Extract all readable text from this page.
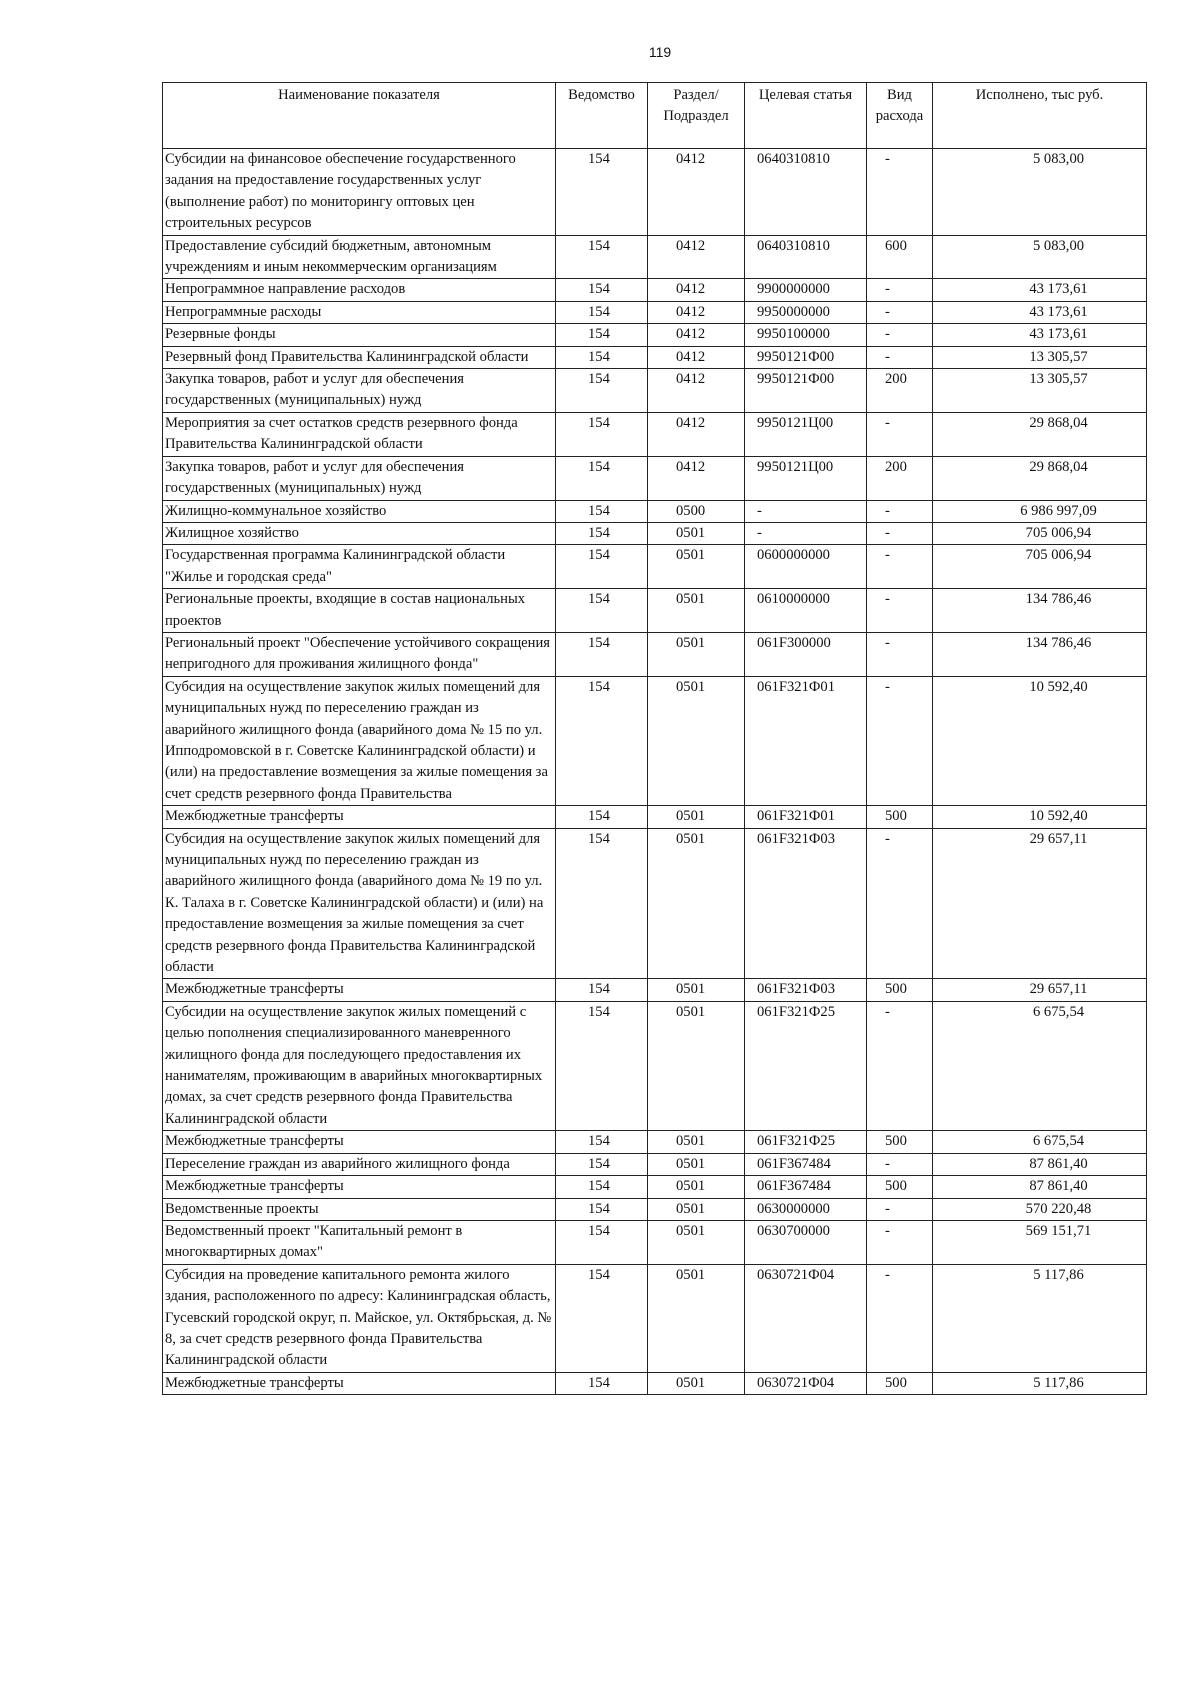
119
Наименование показателя	Ведомство	Раздел/ Подраздел	Целевая статья	Вид расхода	Исполнено, тыс руб.
Субсидии на финансовое обеспечение государственного задания на предоставление государственных услуг (выполнение работ) по мониторингу оптовых цен строительных ресурсов	154	0412	0640310810	-	5 083,00
Предоставление субсидий бюджетным, автономным учреждениям и иным некоммерческим организациям	154	0412	0640310810	600	5 083,00
Непрограммное направление расходов	154	0412	9900000000	-	43 173,61
Непрограммные расходы	154	0412	9950000000	-	43 173,61
Резервные фонды	154	0412	9950100000	-	43 173,61
Резервный фонд Правительства Калининградской области	154	0412	9950121Ф00	-	13 305,57
Закупка товаров, работ и услуг для обеспечения государственных (муниципальных) нужд	154	0412	9950121Ф00	200	13 305,57
Мероприятия за счет остатков средств резервного фонда Правительства Калининградской области	154	0412	9950121Ц00	-	29 868,04
Закупка товаров, работ и услуг для обеспечения государственных (муниципальных) нужд	154	0412	9950121Ц00	200	29 868,04
Жилищно-коммунальное хозяйство	154	0500	-	-	6 986 997,09
Жилищное хозяйство	154	0501	-	-	705 006,94
Государственная программа Калининградской области "Жилье и городская среда"	154	0501	0600000000	-	705 006,94
Региональные проекты, входящие в состав национальных проектов	154	0501	0610000000	-	134 786,46
Региональный проект "Обеспечение устойчивого сокращения непригодного для проживания жилищного фонда"	154	0501	061F300000	-	134 786,46
Субсидия на осуществление закупок жилых помещений для муниципальных нужд по переселению граждан из аварийного жилищного фонда (аварийного дома № 15 по ул. Ипподромовской в г. Советске Калининградской области) и (или) на предоставление возмещения за жилые помещения за счет средств резервного фонда Правительства	154	0501	061F321Ф01	-	10 592,40
Межбюджетные трансферты	154	0501	061F321Ф01	500	10 592,40
Субсидия на осуществление закупок жилых помещений для муниципальных нужд по переселению граждан из аварийного жилищного фонда (аварийного дома № 19 по ул. К. Талаха в г. Советске Калининградской области) и (или) на предоставление возмещения за жилые помещения за счет средств резервного фонда Правительства Калининградской области	154	0501	061F321Ф03	-	29 657,11
Межбюджетные трансферты	154	0501	061F321Ф03	500	29 657,11
Субсидии на осуществление закупок жилых помещений с целью пополнения специализированного маневренного жилищного фонда для последующего предоставления их нанимателям, проживающим в аварийных многоквартирных домах, за счет средств резервного фонда Правительства Калининградской области	154	0501	061F321Ф25	-	6 675,54
Межбюджетные трансферты	154	0501	061F321Ф25	500	6 675,54
Переселение граждан из аварийного жилищного фонда	154	0501	061F367484	-	87 861,40
Межбюджетные трансферты	154	0501	061F367484	500	87 861,40
Ведомственные проекты	154	0501	0630000000	-	570 220,48
Ведомственный проект "Капитальный ремонт в многоквартирных домах"	154	0501	0630700000	-	569 151,71
Субсидия на проведение капитального ремонта жилого здания, расположенного по адресу: Калининградская область, Гусевский городской округ, п. Майское, ул. Октябрьская, д. № 8, за счет средств резервного фонда Правительства Калининградской области	154	0501	0630721Ф04	-	5 117,86
Межбюджетные трансферты	154	0501	0630721Ф04	500	5 117,86
